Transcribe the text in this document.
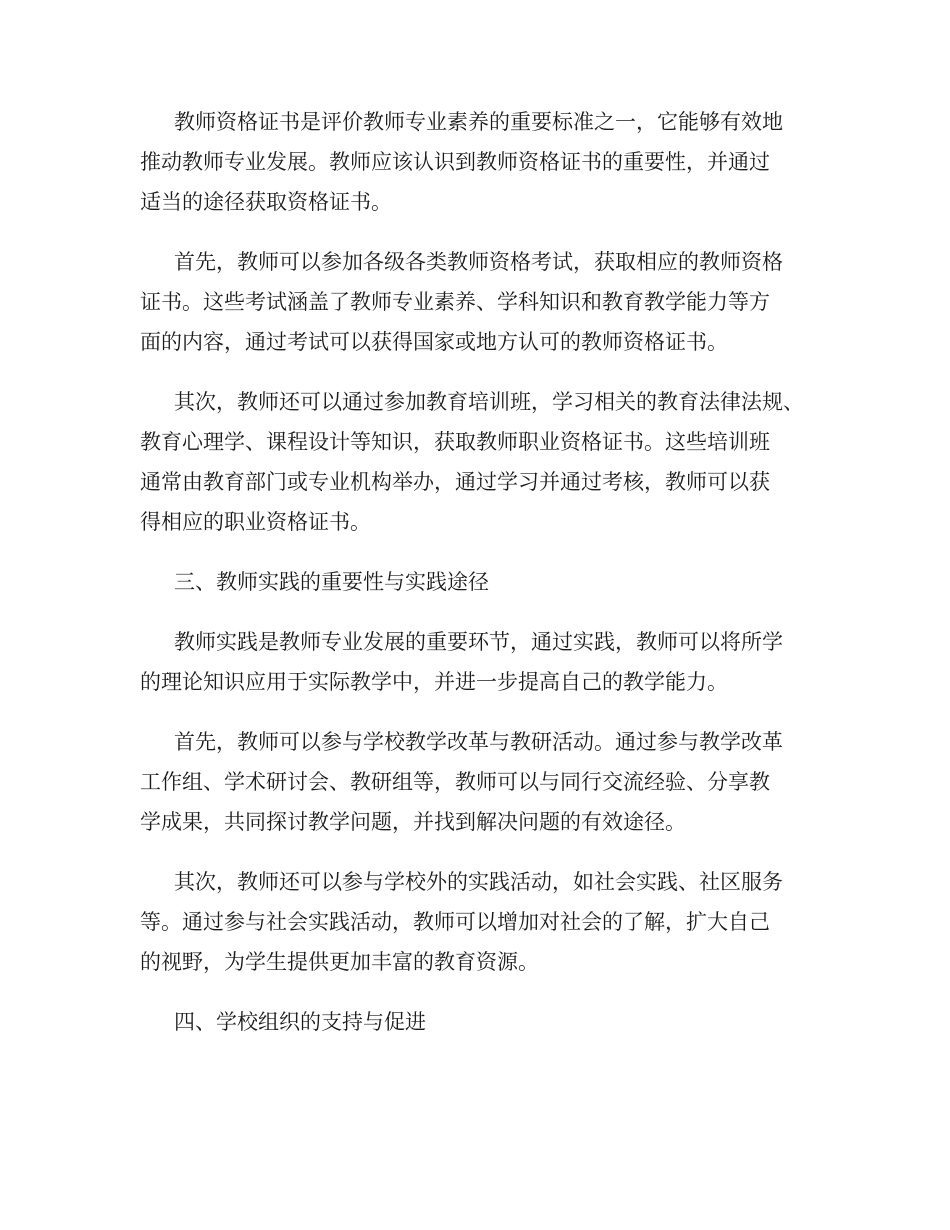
教师资格证书是评价教师专业素养的重要标准之一，它能够有效地
推动教师专业发展。教师应该认识到教师资格证书的重要性，并通过
适当的途径获取资格证书。
首先，教师可以参加各级各类教师资格考试，获取相应的教师资格
证书。这些考试涵盖了教师专业素养、学科知识和教育教学能力等方
面的内容，通过考试可以获得国家或地方认可的教师资格证书。
其次，教师还可以通过参加教育培训班，学习相关的教育法律法规、
教育心理学、课程设计等知识，获取教师职业资格证书。这些培训班
通常由教育部门或专业机构举办，通过学习并通过考核，教师可以获
得相应的职业资格证书。
三、教师实践的重要性与实践途径
教师实践是教师专业发展的重要环节，通过实践，教师可以将所学
的理论知识应用于实际教学中，并进一步提高自己的教学能力。
首先，教师可以参与学校教学改革与教研活动。通过参与教学改革
工作组、学术研讨会、教研组等，教师可以与同行交流经验、分享教
学成果，共同探讨教学问题，并找到解决问题的有效途径。
其次，教师还可以参与学校外的实践活动，如社会实践、社区服务
等。通过参与社会实践活动，教师可以增加对社会的了解，扩大自己
的视野，为学生提供更加丰富的教育资源。
四、学校组织的支持与促进
